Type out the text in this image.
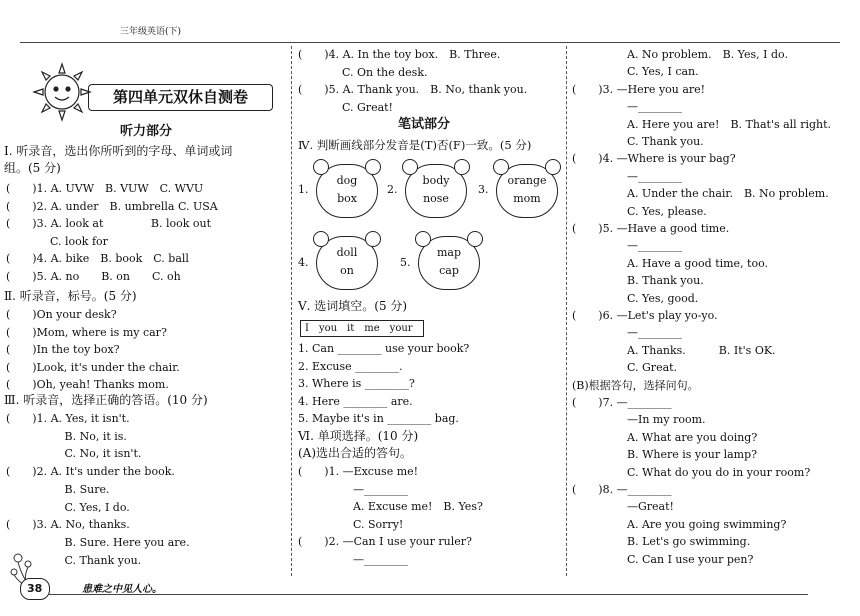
三年级英语(下)
第四单元双休自测卷
听力部分
Ⅰ. 听录音，选出你所听到的字母、单词或词
组。(5 分)
(　　)1. A. UVW　B. VUW　C. WVU
(　　)2. A. under　B. umbrella C. USA
(　　)3. A. look at　　　　 B. look out
　　　　C. look for
(　　)4. A. bike　B. book　C. ball
(　　)5. A. no　　B. on　　C. oh
Ⅱ. 听录音，标号。(5 分)
(　　)On your desk?
(　　)Mom, where is my car?
(　　)In the toy box?
(　　)Look, it's under the chair.
(　　)Oh, yeah! Thanks mom.
Ⅲ. 听录音，选择正确的答语。(10 分)
(　　)1. A. Yes, it isn't.
　　　　　 B. No, it is.
　　　　　 C. No, it isn't.
(　　)2. A. It's under the book.
　　　　　 B. Sure.
　　　　　 C. Yes, I do.
(　　)3. A. No, thanks.
　　　　　 B. Sure. Here you are.
　　　　　 C. Thank you.
(　　)4. A. In the toy box.　B. Three.
　　　　C. On the desk.
(　　)5. A. Thank you.　B. No, thank you.
　　　　C. Great!
笔试部分
Ⅳ. 判断画线部分发音是(T)否(F)一致。(5 分)
1.
dog
box
2.
body
nose
3.
orange
mom
4.
doll
on
5.
map
cap
Ⅴ. 选词填空。(5 分)
I　you　it　me　your
1. Can ________ use your book?
2. Excuse ________.
3. Where is ________?
4. Here ________ are.
5. Maybe it's in ________ bag.
Ⅵ. 单项选择。(10 分)
(A)选出合适的答句。
(　　)1. —Excuse me!
　　　　　—________
　　　　　A. Excuse me!　B. Yes?
　　　　　C. Sorry!
(　　)2. —Can I use your ruler?
　　　　　—________
　　　　　A. No problem.　B. Yes, I do.
　　　　　C. Yes, I can.
(　　)3. —Here you are!
　　　　　—________
　　　　　A. Here you are!　B. That's all right.
　　　　　C. Thank you.
(　　)4. —Where is your bag?
　　　　　—________
　　　　　A. Under the chair.　B. No problem.
　　　　　C. Yes, please.
(　　)5. —Have a good time.
　　　　　—________
　　　　　A. Have a good time, too.
　　　　　B. Thank you.
　　　　　C. Yes, good.
(　　)6. —Let's play yo-yo.
　　　　　—________
　　　　　A. Thanks.　　　B. It's OK.
　　　　　C. Great.
(B)根据答句，选择问句。
(　　)7. —________
　　　　　—In my room.
　　　　　A. What are you doing?
　　　　　B. Where is your lamp?
　　　　　C. What do you do in your room?
(　　)8. —________
　　　　　—Great!
　　　　　A. Are you going swimming?
　　　　　B. Let's go swimming.
　　　　　C. Can I use your pen?
38	患难之中见人心。
